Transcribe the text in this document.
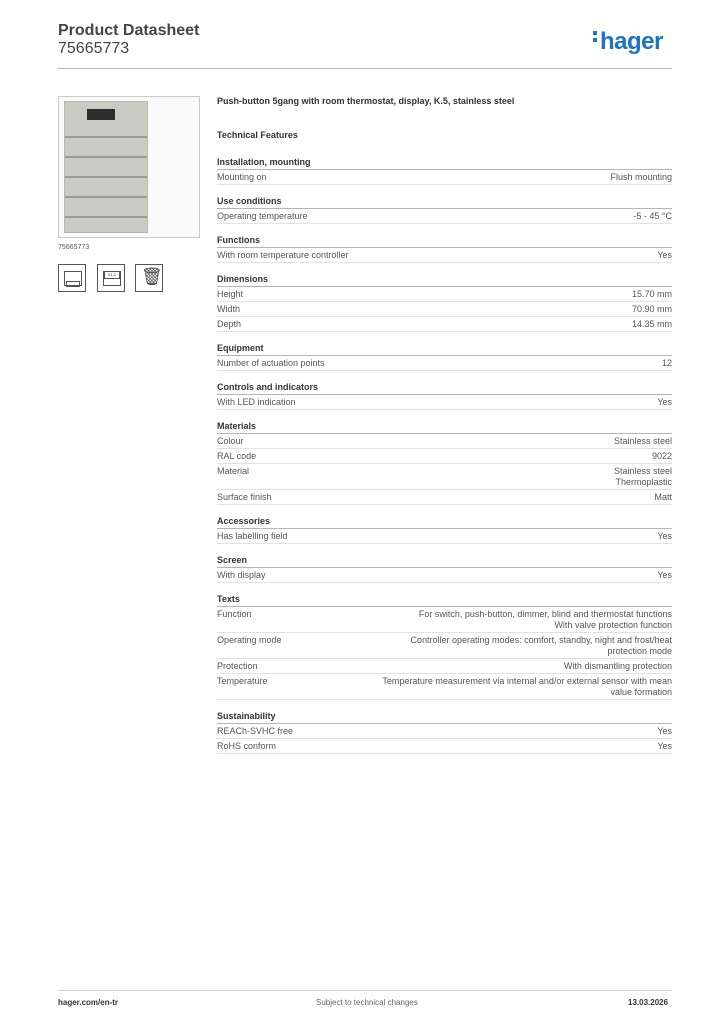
Product Datasheet
75665773	hager
75665773
21.2 🗑
Push-button 5gang with room thermostat, display, K.5, stainless steel
Technical Features
Installation, mounting
Mounting on	Flush mounting
Use conditions
Operating temperature	-5 - 45 °C
Functions
With room temperature controller	Yes
Dimensions
Height	15.70 mm
Width	70.90 mm
Depth	14.35 mm
Equipment
Number of actuation points	12
Controls and indicators
With LED indication	Yes
Materials
Colour	Stainless steel
RAL code	9022
Material	Stainless steel
Thermoplastic
Surface finish	Matt
Accessories
Has labelling field	Yes
Screen
With display	Yes
Texts
Function	For switch, push-button, dimmer, blind and thermostat functions
With valve protection function
Operating mode	Controller operating modes: comfort, standby, night and frost/heat
protection mode
Protection	With dismantling protection
Temperature	Temperature measurement via internal and/or external sensor with mean
value formation
Sustainability
REACh-SVHC free	Yes
RoHS conform	Yes
hager.com/en-tr	Subject to technical changes	13.03.2026
